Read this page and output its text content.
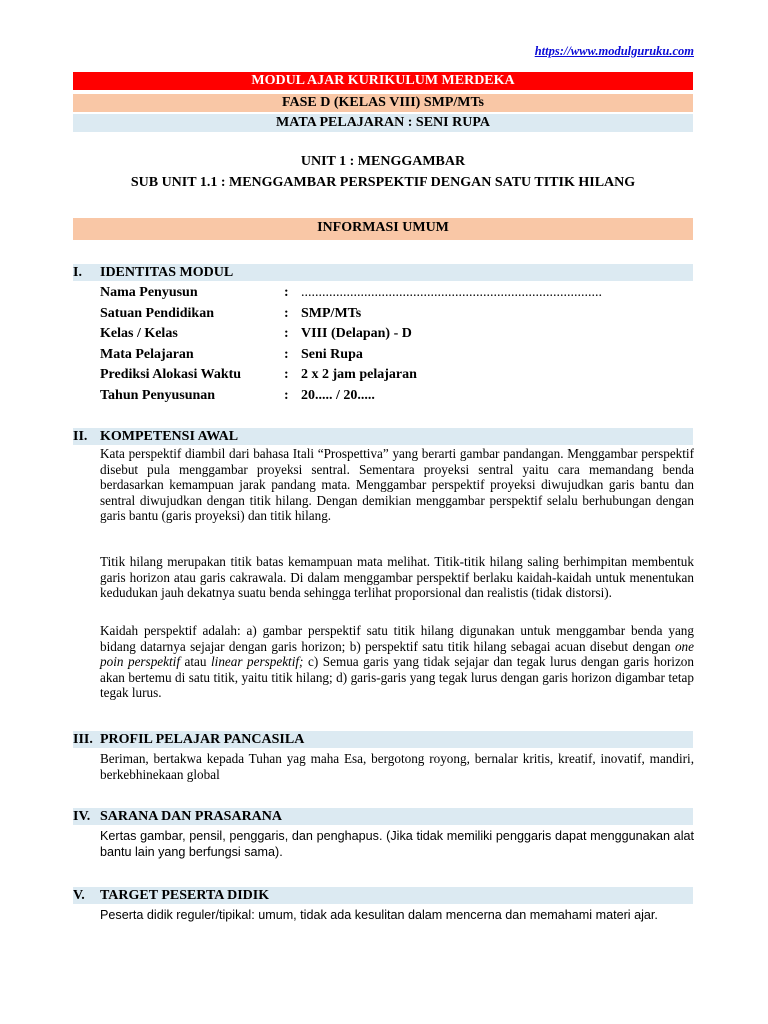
https://www.modulguruku.com
MODUL AJAR KURIKULUM MERDEKA
FASE D (KELAS VIII) SMP/MTs
MATA PELAJARAN : SENI RUPA
UNIT 1 : MENGGAMBAR
SUB UNIT 1.1 : MENGGAMBAR PERSPEKTIF DENGAN SATU TITIK HILANG
INFORMASI UMUM
I. IDENTITAS MODUL
Nama Penyusun	: ......................................................................................
Satuan Pendidikan	: SMP/MTs
Kelas / Kelas	: VIII (Delapan) - D
Mata Pelajaran	: Seni Rupa
Prediksi Alokasi Waktu	: 2 x 2 jam pelajaran
Tahun Penyusunan	: 20..... / 20.....
II. KOMPETENSI AWAL

Kata perspektif diambil dari bahasa Itali “Prospettiva” yang berarti gambar pandangan. Menggambar perspektif disebut pula menggambar proyeksi sentral. Sementara proyeksi sentral yaitu cara memandang benda berdasarkan kemampuan jarak pandang mata. Menggambar perspektif proyeksi diwujudkan garis bantu dan sentral diwujudkan dengan titik hilang. Dengan demikian menggambar perspektif selalu berhubungan dengan garis bantu (garis proyeksi) dan titik hilang.

Titik hilang merupakan titik batas kemampuan mata melihat. Titik-titik hilang saling berhimpitan membentuk garis horizon atau garis cakrawala. Di dalam menggambar perspektif berlaku kaidah-kaidah untuk menentukan kedudukan jauh dekatnya suatu benda sehingga terlihat proporsional dan realistis (tidak distorsi).

Kaidah perspektif adalah: a) gambar perspektif satu titik hilang digunakan untuk menggambar benda yang bidang datarnya sejajar dengan garis horizon; b) perspektif satu titik hilang sebagai acuan disebut dengan one poin perspektif atau linear perspektif; c) Semua garis yang tidak sejajar dan tegak lurus dengan garis horizon akan bertemu di satu titik, yaitu titik hilang; d) garis-garis yang tegak lurus dengan garis horizon digambar tetap tegak lurus.

III. PROFIL PELAJAR PANCASILA

Beriman, bertakwa kepada Tuhan yag maha Esa, bergotong royong, bernalar kritis, kreatif, inovatif, mandiri, berkebhinekaan global

IV. SARANA DAN PRASARANA

Kertas gambar, pensil, penggaris, dan penghapus. (Jika tidak memiliki penggaris dapat menggunakan alat bantu lain yang berfungsi sama).

V. TARGET PESERTA DIDIK

Peserta didik reguler/tipikal: umum, tidak ada kesulitan dalam mencerna dan memahami materi ajar.
